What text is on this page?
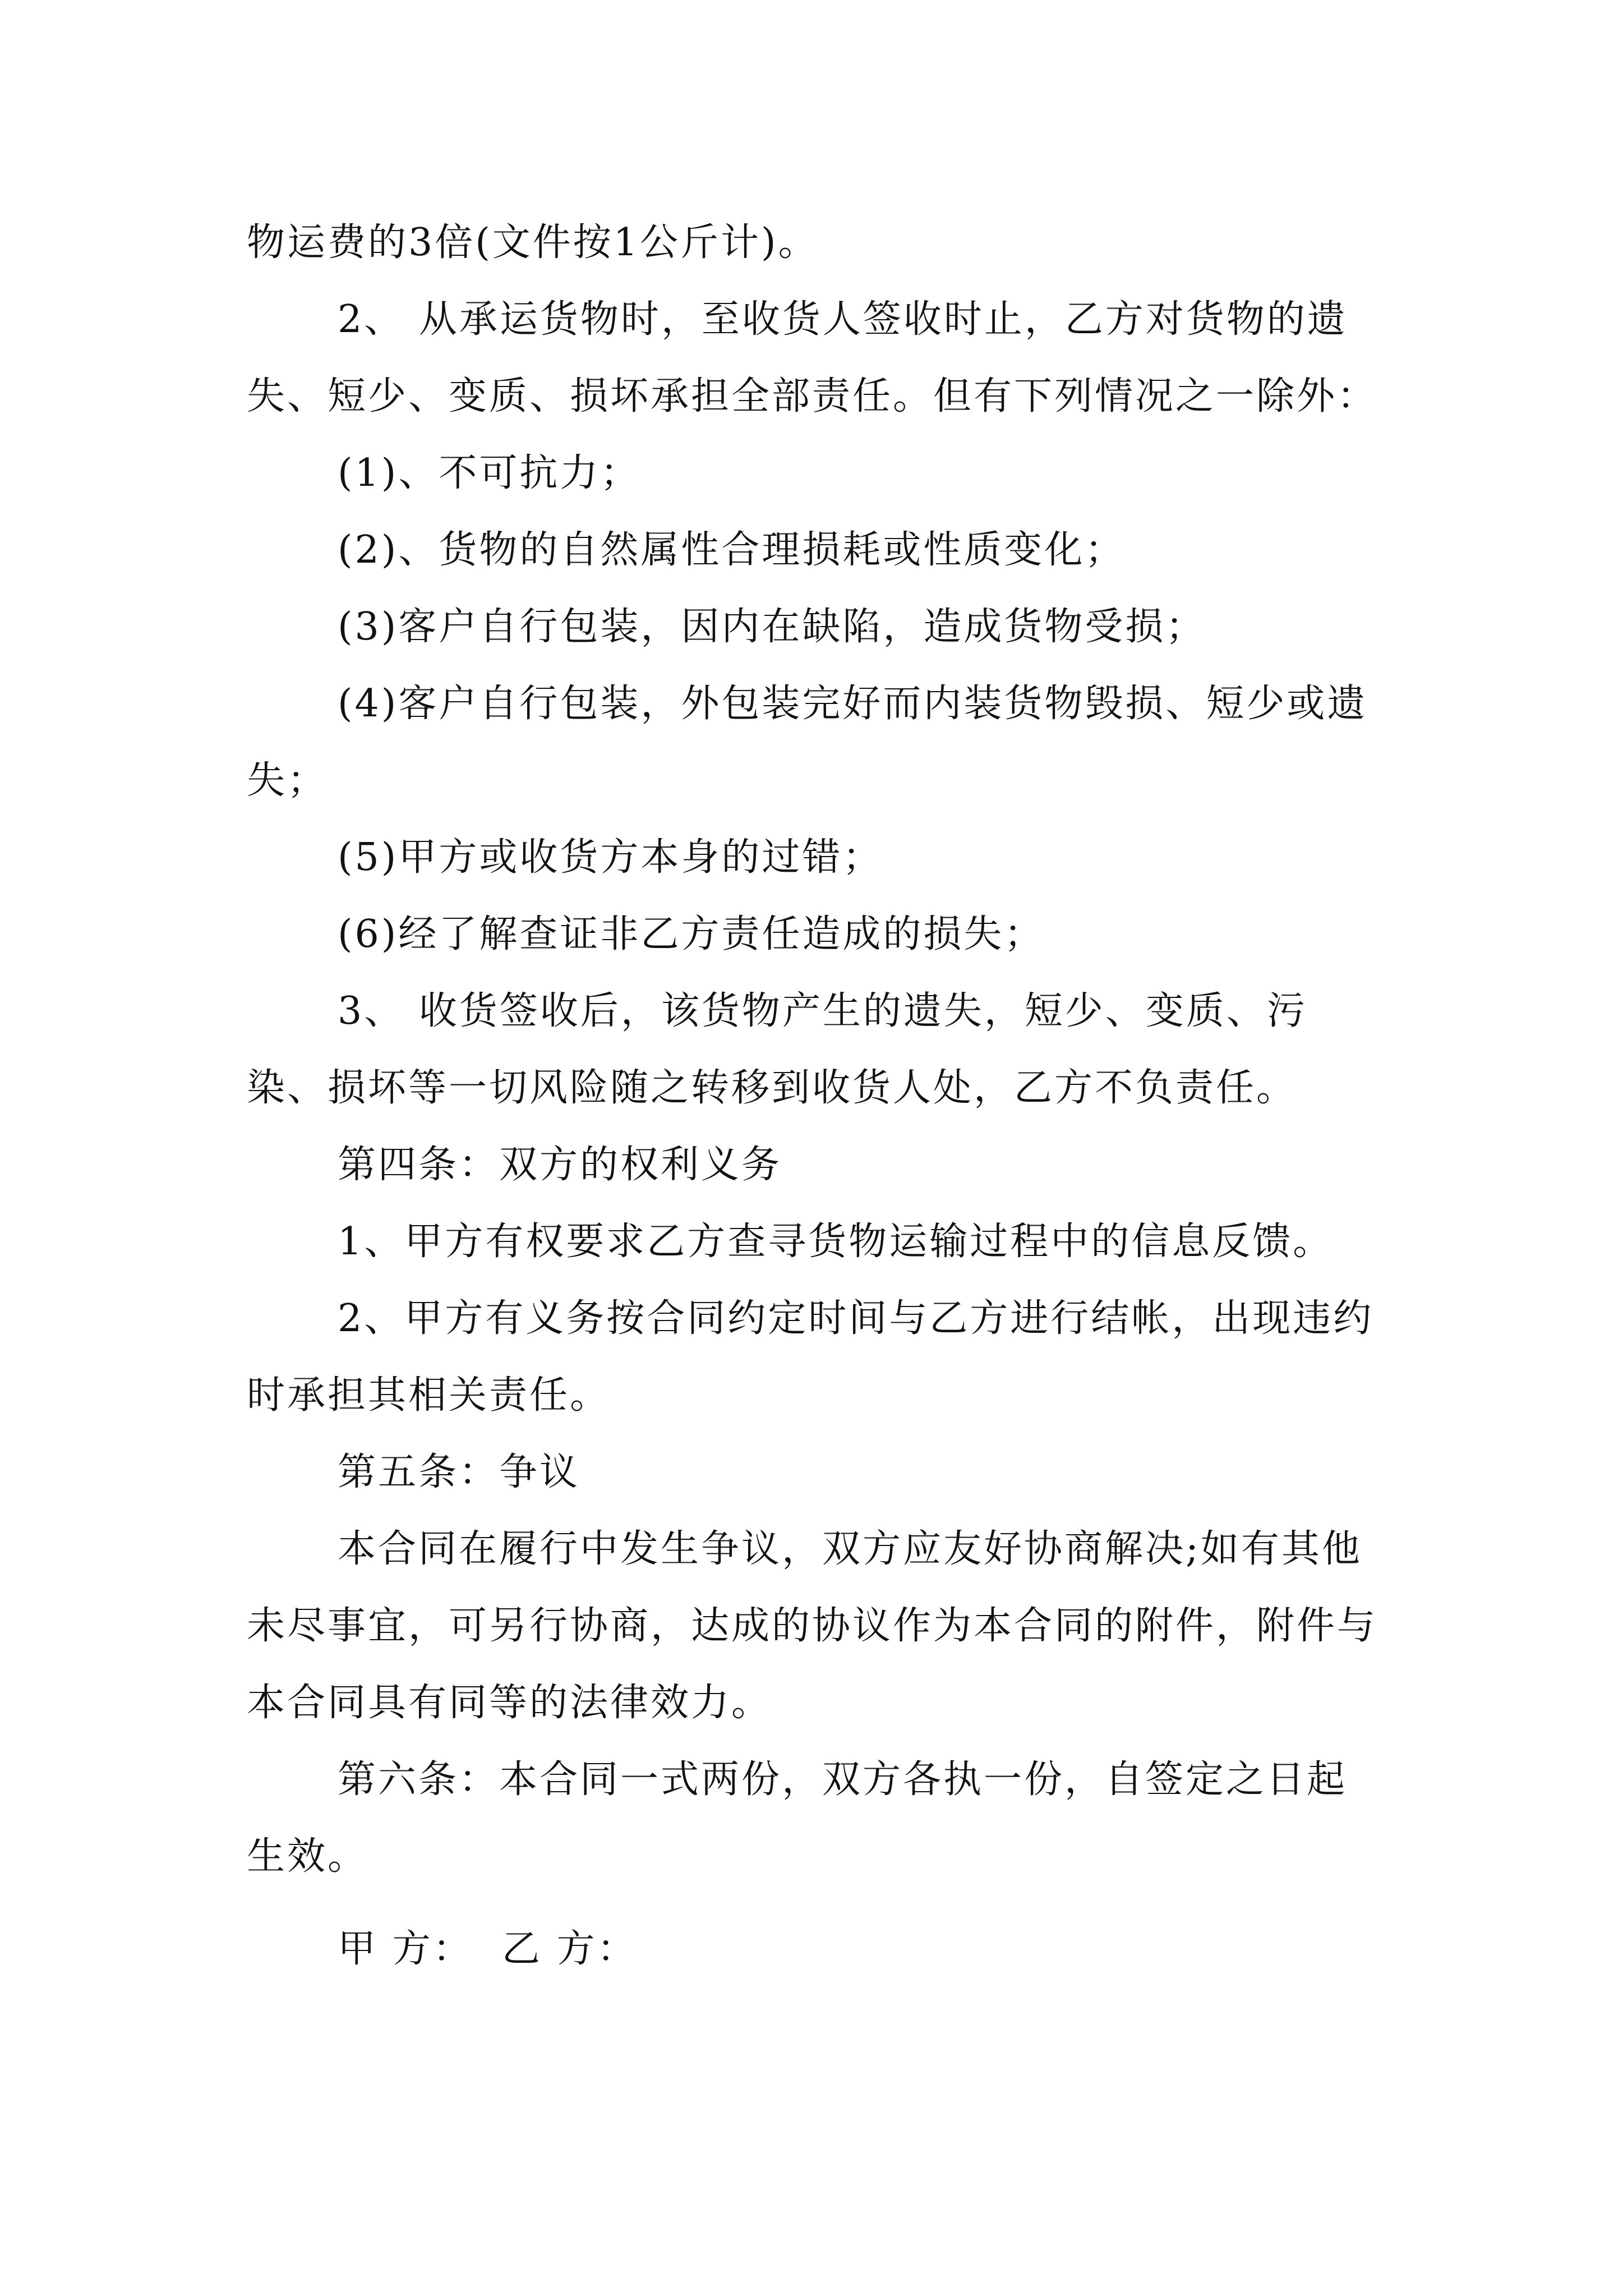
物运费的3倍(文件按1公斤计)。

2、 从承运货物时，至收货人签收时止，乙方对货物的遗失、短少、变质、损坏承担全部责任。但有下列情况之一除外：

(1)、不可抗力；

(2)、货物的自然属性合理损耗或性质变化；

(3)客户自行包装，因内在缺陷，造成货物受损；

(4)客户自行包装，外包装完好而内装货物毁损、短少或遗失；

(5)甲方或收货方本身的过错；

(6)经了解查证非乙方责任造成的损失；

3、 收货签收后，该货物产生的遗失，短少、变质、污染、损坏等一切风险随之转移到收货人处，乙方不负责任。

第四条：双方的权利义务

1、甲方有权要求乙方查寻货物运输过程中的信息反馈。

2、甲方有义务按合同约定时间与乙方进行结帐，出现违约时承担其相关责任。

第五条：争议

本合同在履行中发生争议，双方应友好协商解决;如有其他未尽事宜，可另行协商，达成的协议作为本合同的附件，附件与本合同具有同等的法律效力。

第六条：本合同一式两份，双方各执一份，自签定之日起生效。

甲 方：  乙 方：
